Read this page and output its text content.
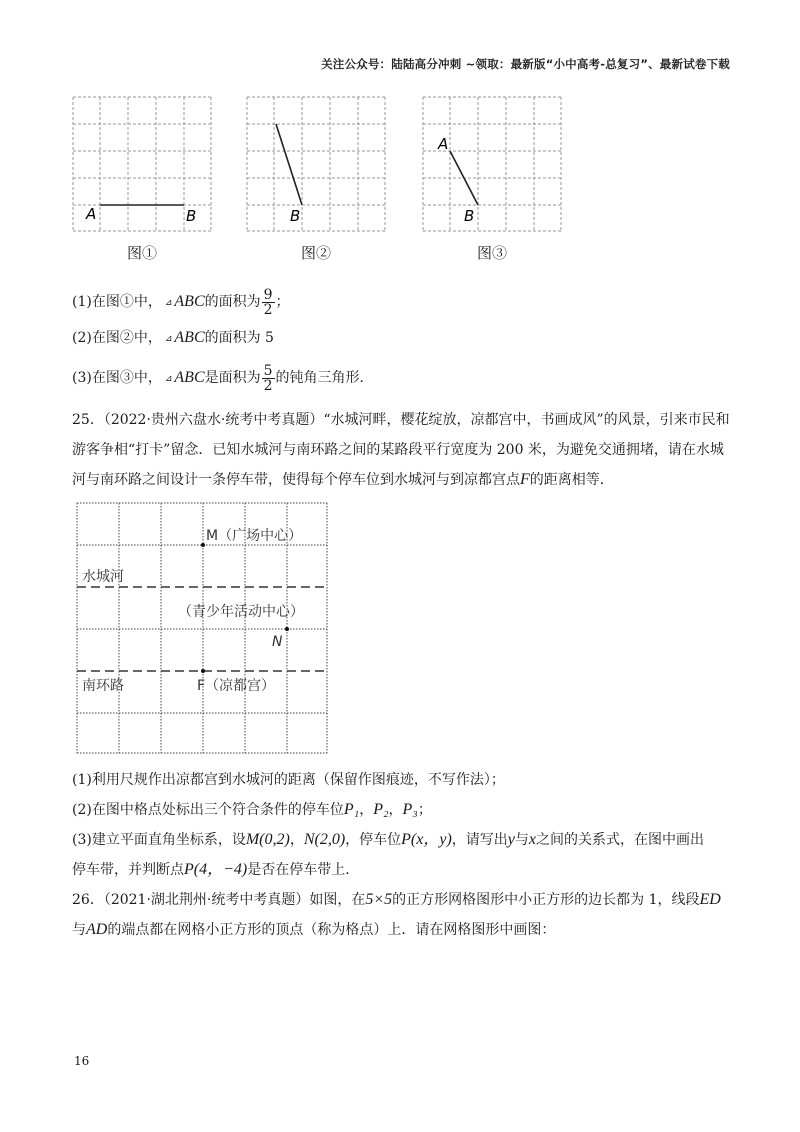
关注公众号：陆陆高分冲刺 ~领取：最新版“小中高考-总复习”、最新试卷下载
A	B
图①
B
图②
A
B
图③
(1)在图①中， ⊿ ABC的面积为 $\frac{9}{2}$ ；
(2)在图②中， ⊿ ABC的面积为 5
(3)在图③中， ⊿ ABC是面积为 $\frac{5}{2}$ 的钝角三角形．
25．（2022·贵州六盘水·统考中考真题）“水城河畔，樱花绽放，凉都宫中，书画成风”的风景，引来市民和游客争相“打卡”留念．已知水城河与南环路之间的某路段平行宽度为 200 米，为避免交通拥堵，请在水城河与南环路之间设计一条停车带，使得每个停车位到水城河与到凉都宫点F的距离相等．
M（广场中心）
水城河
（青少年活动中心）
N
南环路	F（凉都宫）
(1)利用尺规作出凉都宫到水城河的距离（保留作图痕迹，不写作法）；
(2)在图中格点处标出三个符合条件的停车位P₁，P₂，P₃；
(3)建立平面直角坐标系，设M(0,2)，N(2,0)，停车位P(x，y)，请写出y与x之间的关系式，在图中画出
停车带，并判断点P(4，−4)是否在停车带上．
26．（2021·湖北荆州·统考中考真题）如图，在5×5的正方形网格图形中小正方形的边长都为 1，线段ED
与AD的端点都在网格小正方形的顶点（称为格点）上．请在网格图形中画图：
16
